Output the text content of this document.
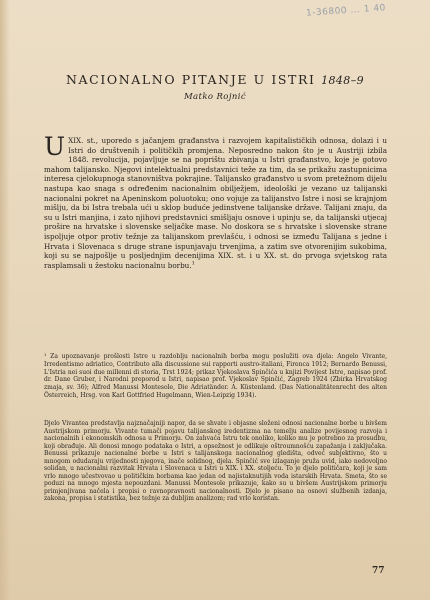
1-36800 ... 1 40
NACIONALNO PITANJE U ISTRI 1848–9
Matko Rojnić

U XIX. st., uporedo s jačanjem građanstva i razvojem kapitalističkih odnosa, dolazi i u Istri do društvenih i političkih promjena. Neposredno nakon što je u Austriji izbila 1848. revolucija, pojavljuje se na poprištu zbivanja u Istri građanstvo, koje je gotovo mahom talijansko. Njegovi intelektualni predstavnici teže za tim, da se prikažu zastupnicima interesa cjelokupnoga stanovništva pokrajine. Talijansko građanstvo u svom pretežnom dijelu nastupa kao snaga s određenim nacionalnim obilježjem, ideološki je vezano uz talijanski nacionalni pokret na Apeninskom poluotoku; ono vojuje za talijanstvo Istre i nosi se krajnjom mišlju, da bi Istra trebala ući u sklop buduće jedinstvene talijanske države. Talijani znaju, da su u Istri manjina, i zato njihovi predstavnici smišljaju osnove i upinju se, da talijanski utjecaj prošire na hrvatske i slovenske seljačke mase. No doskora se s hrvatske i slovenske strane ispoljuje otpor protiv težnje za talijanskom prevlašću, i odnosi se između Talijana s jedne i Hrvata i Slovenaca s druge strane ispunjavaju trvenjima, a zatim sve otvorenijim sukobima, koji su se najpošlje u posljednjim decenijima XIX. st. i u XX. st. do prvoga svjetskog rata rasplamsali u žestoku nacionalnu borbu.$^1$

¹ Za upoznavanje prošlosti Istre u razdoblju nacionalnih borba mogu poslužiti ova djela: Angelo Vivante, Irredentismo adriatico, Contributo alla discussione sui rapporti austro-italiani, Firenca 1912; Bernardo Benussi, L'Istria nei suoi due millenni di storia, Trst 1924; prikaz Vjekoslava Spinčića u knjizi Povijest Istre, napisao prof. dr. Dane Gruber, i Narodni preporod u Istri, napisao prof. Vjekoslav Spinčić, Zagreb 1924 (Zbirka Hrvatskog zmaja, sv. 36); Alfred Manussi Montesole, Die Adriatänder. A. Küstenland. (Das Nationalitätenrecht des alten Österreich, Hrsg. von Karl Gottfried Hugelmann, Wien-Leipzig 1934).

Djelo Vivantea predstavlja najznačajniji napor, da se shvate i objasne složeni odnosi nacionalne borbe u bivšem Austrijskom primorju. Vivante tumači pojavu talijanskog iredentizma na temelju analize povijesnog razvoja i nacionalnih i ekonomskih odnosa u Primorju. On zahvaća Istru tek onoliko, koliko mu je potrebno za prosudbu, koji obrađuje. Ali donosi mnogo podataka o Istri, a opsežnost je odlikuje oštroumnošću zapažanja i zaključaka. Benussi prikazuje nacionalne borbe u Istri s talijanskoga nacionalnog gledišta, odveć subjektivno, što u mnogom odudaraju vrijednosti njegova, inače solidnog, djela. Spinčić sve izlaganje pruža uvid, iako nedovoljno solidan, u nacionalni razvitak Hrvata i Slovenaca u Istri u XIX. i XX. stoljeću. To je djelo političara, koji je sam vrlo mnogo učestvovao u političkim borbama kao jedan od najistaknutijih voda istarskih Hrvata. Smeta, što se poduzi na mnogo mjesta nepouzdani. Manussi Montesole prikazuje, kako su u bivšem Austrijskom primorju primjenjivana načela i propisi o ravnopravnosti nacionalnosti. Djelo je pisano na osnovi službenih izdanja, zakona, propisa i statistika, bez težnje za dubljim analizom; rad vrlo koristan.

77
